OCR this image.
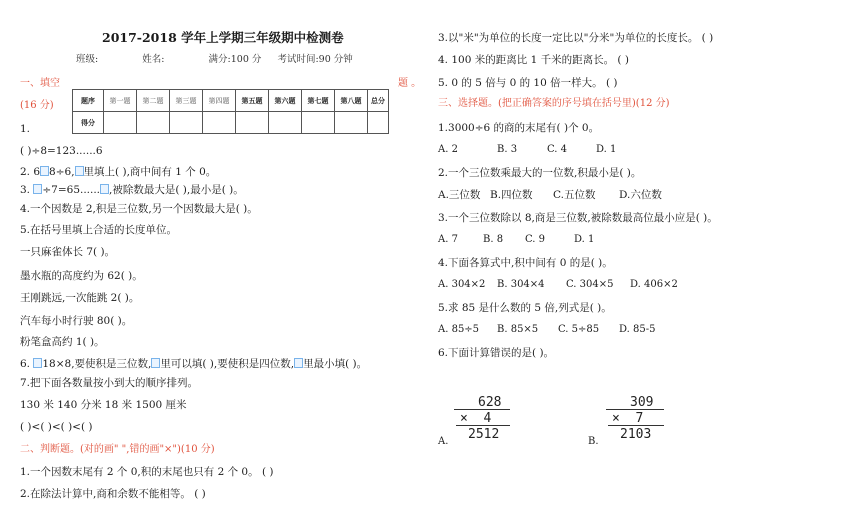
2017-2018 学年上学期三年级期中检测卷
班级:	姓名:	满分:100 分 考试时间:90 分钟
一、填空	题 。
(16 分)	题序	第一题	第二题	第三题	第四题	第五题	第六题	第七题	第八题	总分
得分									
1.
( )÷8=123......6
2. 6 8÷6, 里填上( ),商中间有 1 个 0。
3. ÷7=65...... ,被除数最大是( ),最小是( )。
4.一个因数是 2,积是三位数,另一个因数最大是( )。
5.在括号里填上合适的长度单位。
一只麻雀体长 7( )。
墨水瓶的高度约为 62( )。
王刚跳远,一次能跳 2( )。
汽车每小时行驶 80( )。
粉笔盒高约 1( )。
6. 18×8,要使积是三位数, 里可以填( ),要使积是四位数, 里最小填( )。
7.把下面各数量按小到大的顺序排列。
130 米 140 分米 18 米 1500 厘米
( )<( )<( )<( )
二、判断题。(对的画" ",错的画"×")(10 分)
1.一个因数末尾有 2 个 0,积的末尾也只有 2 个 0。 ( )
2.在除法计算中,商和余数不能相等。 ( )
3.以"米"为单位的长度一定比以"分米"为单位的长度长。 ( )
4. 100 米的距离比 1 千米的距离长。 ( )
5. 0 的 5 倍与 0 的 10 倍一样大。 ( )
三、选择题。(把正确答案的序号填在括号里)(12 分)
1.3000÷6 的商的末尾有( )个 0。
A. 2	B. 3	C. 4	D. 1
2.一个三位数乘最大的一位数,积最小是( )。
A.三位数 B.四位数 C.五位数 D.六位数
3.一个三位数除以 8,商是三位数,被除数最高位最小应是( )。
A. 7	B. 8 C. 9	D. 1
4.下面各算式中,积中间有 0 的是( )。
A. 304×2 B. 304×4 C. 304×5 D. 406×2
5.求 85 是什么数的 5 倍,列式是( )。
A. 85÷5 B. 85×5 C. 5÷85 D. 85-5
6.下面计算错误的是( )。
A.
628
×  4
2512	B.
309
×  7
2103
